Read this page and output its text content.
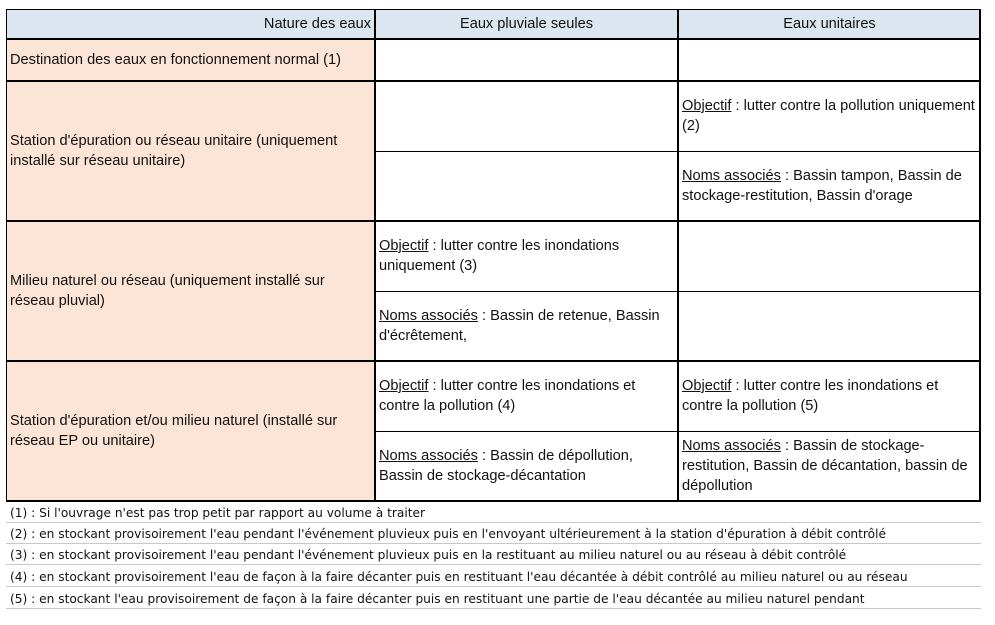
Nature des eaux	Eaux pluviale seules	Eaux unitaires
Destination des eaux en fonctionnement normal (1)
Station d'épuration ou réseau unitaire (uniquement installé sur réseau unitaire)
Objectif : lutter contre la pollution uniquement (2)
Noms associés : Bassin tampon, Bassin de stockage-restitution, Bassin d'orage
Milieu naturel ou réseau (uniquement installé sur réseau pluvial)
Objectif : lutter contre les inondations uniquement (3)
Noms associés : Bassin de retenue, Bassin d'écrêtement,
Station d'épuration et/ou milieu naturel (installé sur réseau EP ou unitaire)
Objectif : lutter contre les inondations et contre la pollution (4)
Objectif : lutter contre les inondations et contre la pollution (5)
Noms associés : Bassin de dépollution, Bassin de stockage-décantation
Noms associés : Bassin de stockage-restitution, Bassin de décantation, bassin de dépollution
(1) : Si l'ouvrage n'est pas trop petit par rapport au volume à traiter
(2) : en stockant provisoirement l'eau pendant l'événement pluvieux puis en l'envoyant ultérieurement à la station d'épuration à débit contrôlé
(3) : en stockant provisoirement l'eau pendant l'événement pluvieux puis en la restituant au milieu naturel ou au réseau à débit contrôlé
(4) : en stockant provisoirement l'eau de façon à la faire décanter puis en restituant l'eau décantée à débit contrôlé au milieu naturel ou au réseau
(5) : en stockant l'eau provisoirement de façon à la faire décanter puis en restituant une partie de l'eau décantée au milieu naturel pendant
